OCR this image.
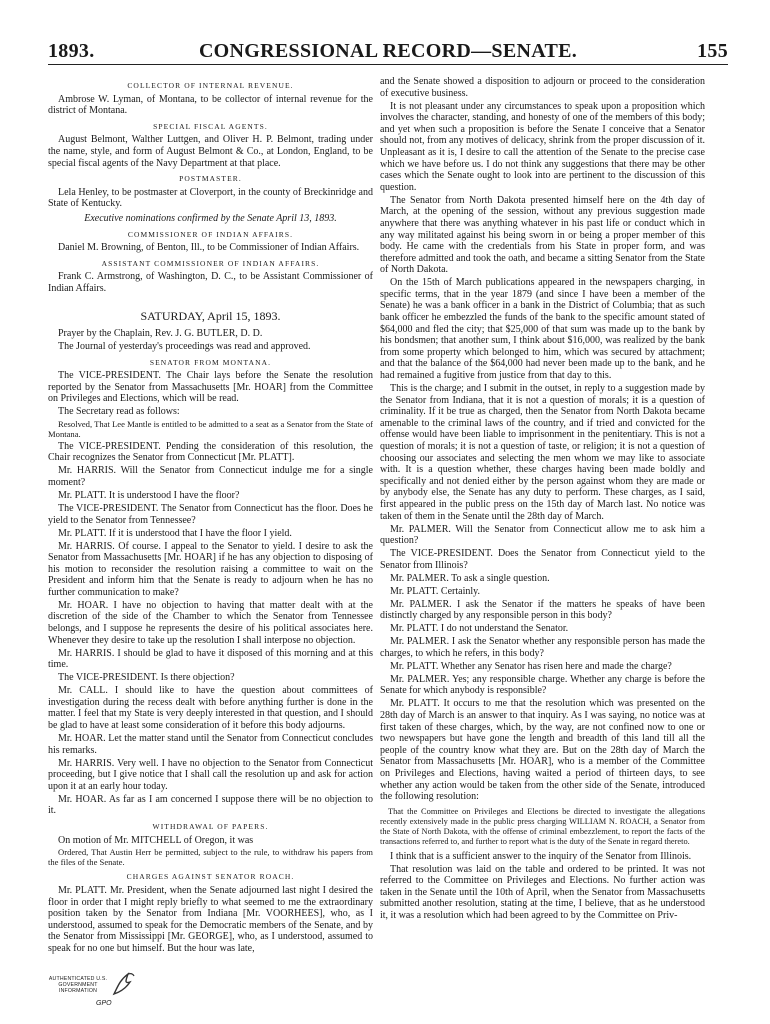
1893.	CONGRESSIONAL RECORD—SENATE.	155

COLLECTOR OF INTERNAL REVENUE.

Ambrose W. Lyman, of Montana, to be collector of internal revenue for the district of Montana.

SPECIAL FISCAL AGENTS.

August Belmont, Walther Luttgen, and Oliver H. P. Belmont, trading under the name, style, and form of August Belmont & Co., at London, England, to be special fiscal agents of the Navy Department at that place.

POSTMASTER.

Lela Henley, to be postmaster at Cloverport, in the county of Breckinridge and State of Kentucky.

Executive nominations confirmed by the Senate April 13, 1893.

COMMISSIONER OF INDIAN AFFAIRS.

Daniel M. Browning, of Benton, Ill., to be Commissioner of Indian Affairs.

ASSISTANT COMMISSIONER OF INDIAN AFFAIRS.

Frank C. Armstrong, of Washington, D. C., to be Assistant Commissioner of Indian Affairs.

SATURDAY, April 15, 1893.

Prayer by the Chaplain, Rev. J. G. BUTLER, D. D.

The Journal of yesterday's proceedings was read and approved.

SENATOR FROM MONTANA.

The VICE-PRESIDENT. The Chair lays before the Senate the resolution reported by the Senator from Massachusetts [Mr. HOAR] from the Committee on Privileges and Elections, which will be read.

The Secretary read as follows:

Resolved, That Lee Mantle is entitled to be admitted to a seat as a Senator from the State of Montana.

The VICE-PRESIDENT. Pending the consideration of this resolution, the Chair recognizes the Senator from Connecticut [Mr. PLATT].

Mr. HARRIS. Will the Senator from Connecticut indulge me for a single moment?

Mr. PLATT. It is understood I have the floor?

The VICE-PRESIDENT. The Senator from Connecticut has the floor. Does he yield to the Senator from Tennessee?

Mr. PLATT. If it is understood that I have the floor I yield.

Mr. HARRIS. Of course. I appeal to the Senator to yield. I desire to ask the Senator from Massachusetts [Mr. HOAR] if he has any objection to disposing of his motion to reconsider the resolution raising a committee to wait on the President and inform him that the Senate is ready to adjourn when he has no further communication to make?

Mr. HOAR. I have no objection to having that matter dealt with at the discretion of the side of the Chamber to which the Senator from Tennessee belongs, and I suppose he represents the desire of his political associates here. Whenever they desire to take up the resolution I shall interpose no objection.

Mr. HARRIS. I should be glad to have it disposed of this morning and at this time.

The VICE-PRESIDENT. Is there objection?

Mr. CALL. I should like to have the question about committees of investigation during the recess dealt with before anything further is done in the matter. I feel that my State is very deeply interested in that question, and I should be glad to have at least some consideration of it before this body adjourns.

Mr. HOAR. Let the matter stand until the Senator from Connecticut concludes his remarks.

Mr. HARRIS. Very well. I have no objection to the Senator from Connecticut proceeding, but I give notice that I shall call the resolution up and ask for action upon it at an early hour today.

Mr. HOAR. As far as I am concerned I suppose there will be no objection to it.

WITHDRAWAL OF PAPERS.

On motion of Mr. MITCHELL of Oregon, it was

Ordered, That Austin Herr be permitted, subject to the rule, to withdraw his papers from the files of the Senate.

CHARGES AGAINST SENATOR ROACH.

Mr. PLATT. Mr. President, when the Senate adjourned last night I desired the floor in order that I might reply briefly to what seemed to me the extraordinary position taken by the Senator from Indiana [Mr. VOORHEES], who, as I understood, assumed to speak for the Democratic members of the Senate, and by the Senator from Mississippi [Mr. GEORGE], who, as I understood, assumed to speak for no one but himself. But the hour was late,

and the Senate showed a disposition to adjourn or proceed to the consideration of executive business.

It is not pleasant under any circumstances to speak upon a proposition which involves the character, standing, and honesty of one of the members of this body; and yet when such a proposition is before the Senate I conceive that a Senator should not, from any motives of delicacy, shrink from the proper discussion of it. Unpleasant as it is, I desire to call the attention of the Senate to the precise case which we have before us. I do not think any suggestions that there may be other cases which the Senate ought to look into are pertinent to the discussion of this question.

The Senator from North Dakota presented himself here on the 4th day of March, at the opening of the session, without any previous suggestion made anywhere that there was anything whatever in his past life or conduct which in any way militated against his being sworn in or being a proper member of this body. He came with the credentials from his State in proper form, and was therefore admitted and took the oath, and became a sitting Senator from the State of North Dakota.

On the 15th of March publications appeared in the newspapers charging, in specific terms, that in the year 1879 (and since I have been a member of the Senate) he was a bank officer in a bank in the District of Columbia; that as such bank officer he embezzled the funds of the bank to the specific amount stated of $64,000 and fled the city; that $25,000 of that sum was made up to the bank by his bondsmen; that another sum, I think about $16,000, was realized by the bank from some property which belonged to him, which was secured by attachment; and that the balance of the $64,000 had never been made up to the bank, and he had remained a fugitive from justice from that day to this.

This is the charge; and I submit in the outset, in reply to a suggestion made by the Senator from Indiana, that it is not a question of morals; it is a question of criminality. If it be true as charged, then the Senator from North Dakota became amenable to the criminal laws of the country, and if tried and convicted for the offense would have been liable to imprisonment in the penitentiary. This is not a question of morals; it is not a question of taste, or religion; it is not a question of choosing our associates and selecting the men whom we may like to associate with. It is a question whether, these charges having been made boldly and specifically and not denied either by the person against whom they are made or by anybody else, the Senate has any duty to perform. These charges, as I said, first appeared in the public press on the 15th day of March last. No notice was taken of them in the Senate until the 28th day of March.

Mr. PALMER. Will the Senator from Connecticut allow me to ask him a question?

The VICE-PRESIDENT. Does the Senator from Connecticut yield to the Senator from Illinois?

Mr. PALMER. To ask a single question.

Mr. PLATT. Certainly.

Mr. PALMER. I ask the Senator if the matters he speaks of have been distinctly charged by any responsible person in this body?

Mr. PLATT. I do not understand the Senator.

Mr. PALMER. I ask the Senator whether any responsible person has made the charges, to which he refers, in this body?

Mr. PLATT. Whether any Senator has risen here and made the charge?

Mr. PALMER. Yes; any responsible charge. Whether any charge is before the Senate for which anybody is responsible?

Mr. PLATT. It occurs to me that the resolution which was presented on the 28th day of March is an answer to that inquiry. As I was saying, no notice was at first taken of these charges, which, by the way, are not confined now to one or two newspapers but have gone the length and breadth of this land till all the people of the country know what they are. But on the 28th day of March the Senator from Massachusetts [Mr. HOAR], who is a member of the Committee on Privileges and Elections, having waited a period of thirteen days, to see whether any action would be taken from the other side of the Senate, introduced the following resolution:

That the Committee on Privileges and Elections be directed to investigate the allegations recently extensively made in the public press charging WILLIAM N. ROACH, a Senator from the State of North Dakota, with the offense of criminal embezzlement, to report the facts of the transactions referred to, and further to report what is the duty of the Senate in regard thereto.

I think that is a sufficient answer to the inquiry of the Senator from Illinois.

That resolution was laid on the table and ordered to be printed. It was not referred to the Committee on Privileges and Elections. No further action was taken in the Senate until the 10th of April, when the Senator from Massachusetts submitted another resolution, stating at the time, I believe, that as he understood it, it was a resolution which had been agreed to by the Committee on Priv-

AUTHENTICATED U.S. GOVERNMENT INFORMATION
GPO
